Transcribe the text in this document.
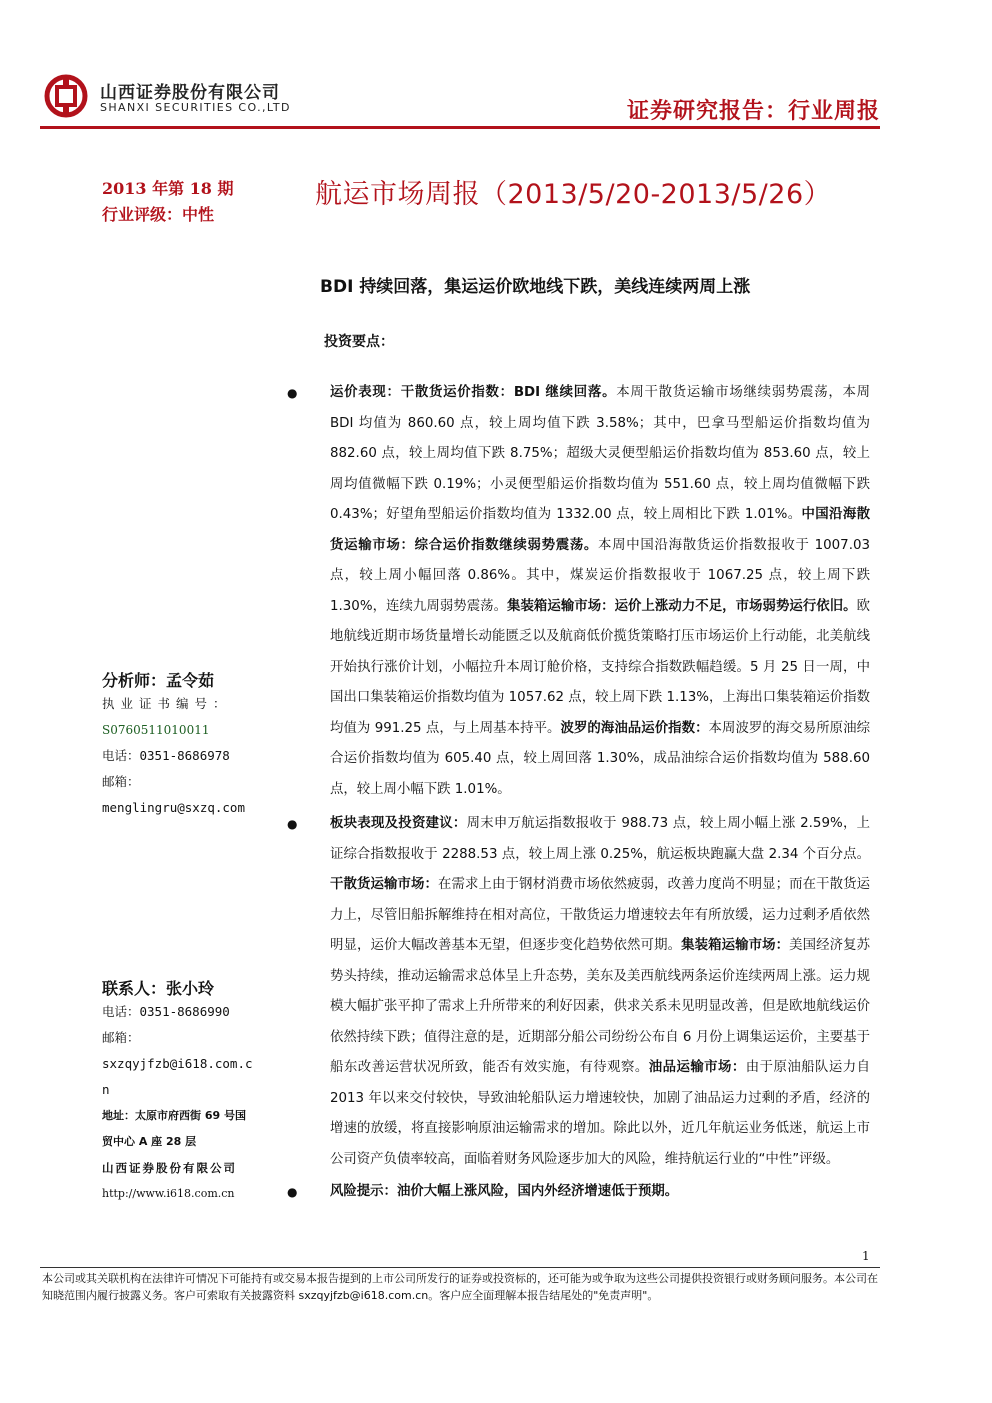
山西证券股份有限公司
SHANXI SECURITIES CO.,LTD	证券研究报告：行业周报
2013 年第 18 期
行业评级：中性
航运市场周报（2013/5/20-2013/5/26）
BDI 持续回落，集运运价欧地线下跌，美线连续两周上涨
投资要点：
● 运价表现：干散货运价指数：BDI 继续回落。本周干散货运输市场继续弱势震荡，本周 BDI 均值为 860.60 点，较上周均值下跌 3.58%；其中，巴拿马型船运价指数均值为 882.60 点，较上周均值下跌 8.75%；超级大灵便型船运价指数均值为 853.60 点，较上周均值微幅下跌 0.19%；小灵便型船运价指数均值为 551.60 点，较上周均值微幅下跌 0.43%；好望角型船运价指数均值为 1332.00 点，较上周相比下跌 1.01%。中国沿海散货运输市场：综合运价指数继续弱势震荡。本周中国沿海散货运价指数报收于 1007.03 点，较上周小幅回落 0.86%。其中，煤炭运价指数报收于 1067.25 点，较上周下跌 1.30%，连续九周弱势震荡。集装箱运输市场：运价上涨动力不足，市场弱势运行依旧。欧地航线近期市场货量增长动能匮乏以及航商低价揽货策略打压市场运价上行动能，北美航线开始执行涨价计划，小幅拉升本周订舱价格，支持综合指数跌幅趋缓。5 月 25 日一周，中国出口集装箱运价指数均值为 1057.62 点，较上周下跌 1.13%，上海出口集装箱运价指数均值为 991.25 点，与上周基本持平。波罗的海油品运价指数：本周波罗的海交易所原油综合运价指数均值为 605.40 点，较上周回落 1.30%，成品油综合运价指数均值为 588.60 点，较上周小幅下跌 1.01%。
● 板块表现及投资建议：周末申万航运指数报收于 988.73 点，较上周小幅上涨 2.59%，上证综合指数报收于 2288.53 点，较上周上涨 0.25%，航运板块跑赢大盘 2.34 个百分点。干散货运输市场：在需求上由于钢材消费市场依然疲弱，改善力度尚不明显；而在干散货运力上，尽管旧船拆解维持在相对高位，干散货运力增速较去年有所放缓，运力过剩矛盾依然明显，运价大幅改善基本无望，但逐步变化趋势依然可期。集装箱运输市场：美国经济复苏势头持续，推动运输需求总体呈上升态势，美东及美西航线两条运价连续两周上涨。运力规模大幅扩张平抑了需求上升所带来的利好因素，供求关系未见明显改善，但是欧地航线运价依然持续下跌；值得注意的是，近期部分船公司纷纷公布自 6 月份上调集运运价，主要基于船东改善运营状况所致，能否有效实施，有待观察。油品运输市场：由于原油船队运力自 2013 年以来交付较快，导致油轮船队运力增速较快，加剧了油品运力过剩的矛盾，经济的增速的放缓，将直接影响原油运输需求的增加。除此以外，近几年航运业务低迷，航运上市公司资产负债率较高，面临着财务风险逐步加大的风险，维持航运行业的“中性”评级。
● 风险提示：油价大幅上涨风险，国内外经济增速低于预期。
分析师：孟令茹
执业证书编号：
S0760511010011
电话：0351-8686978
邮箱：
menglingru@sxzq.com
联系人：张小玲
电话：0351-8686990
邮箱：
sxzqyjfzb@i618.com.c
n
地址：太原市府西街 69 号国
贸中心 A 座 28 层
山西证券股份有限公司
http://www.i618.com.cn
1
本公司或其关联机构在法律许可情况下可能持有或交易本报告提到的上市公司所发行的证券或投资标的，还可能为或争取为这些公司提供投资银行或财务顾问服务。本公司在知晓范围内履行披露义务。客户可索取有关披露资料 sxzqyjfzb@i618.com.cn。客户应全面理解本报告结尾处的"免责声明"。
